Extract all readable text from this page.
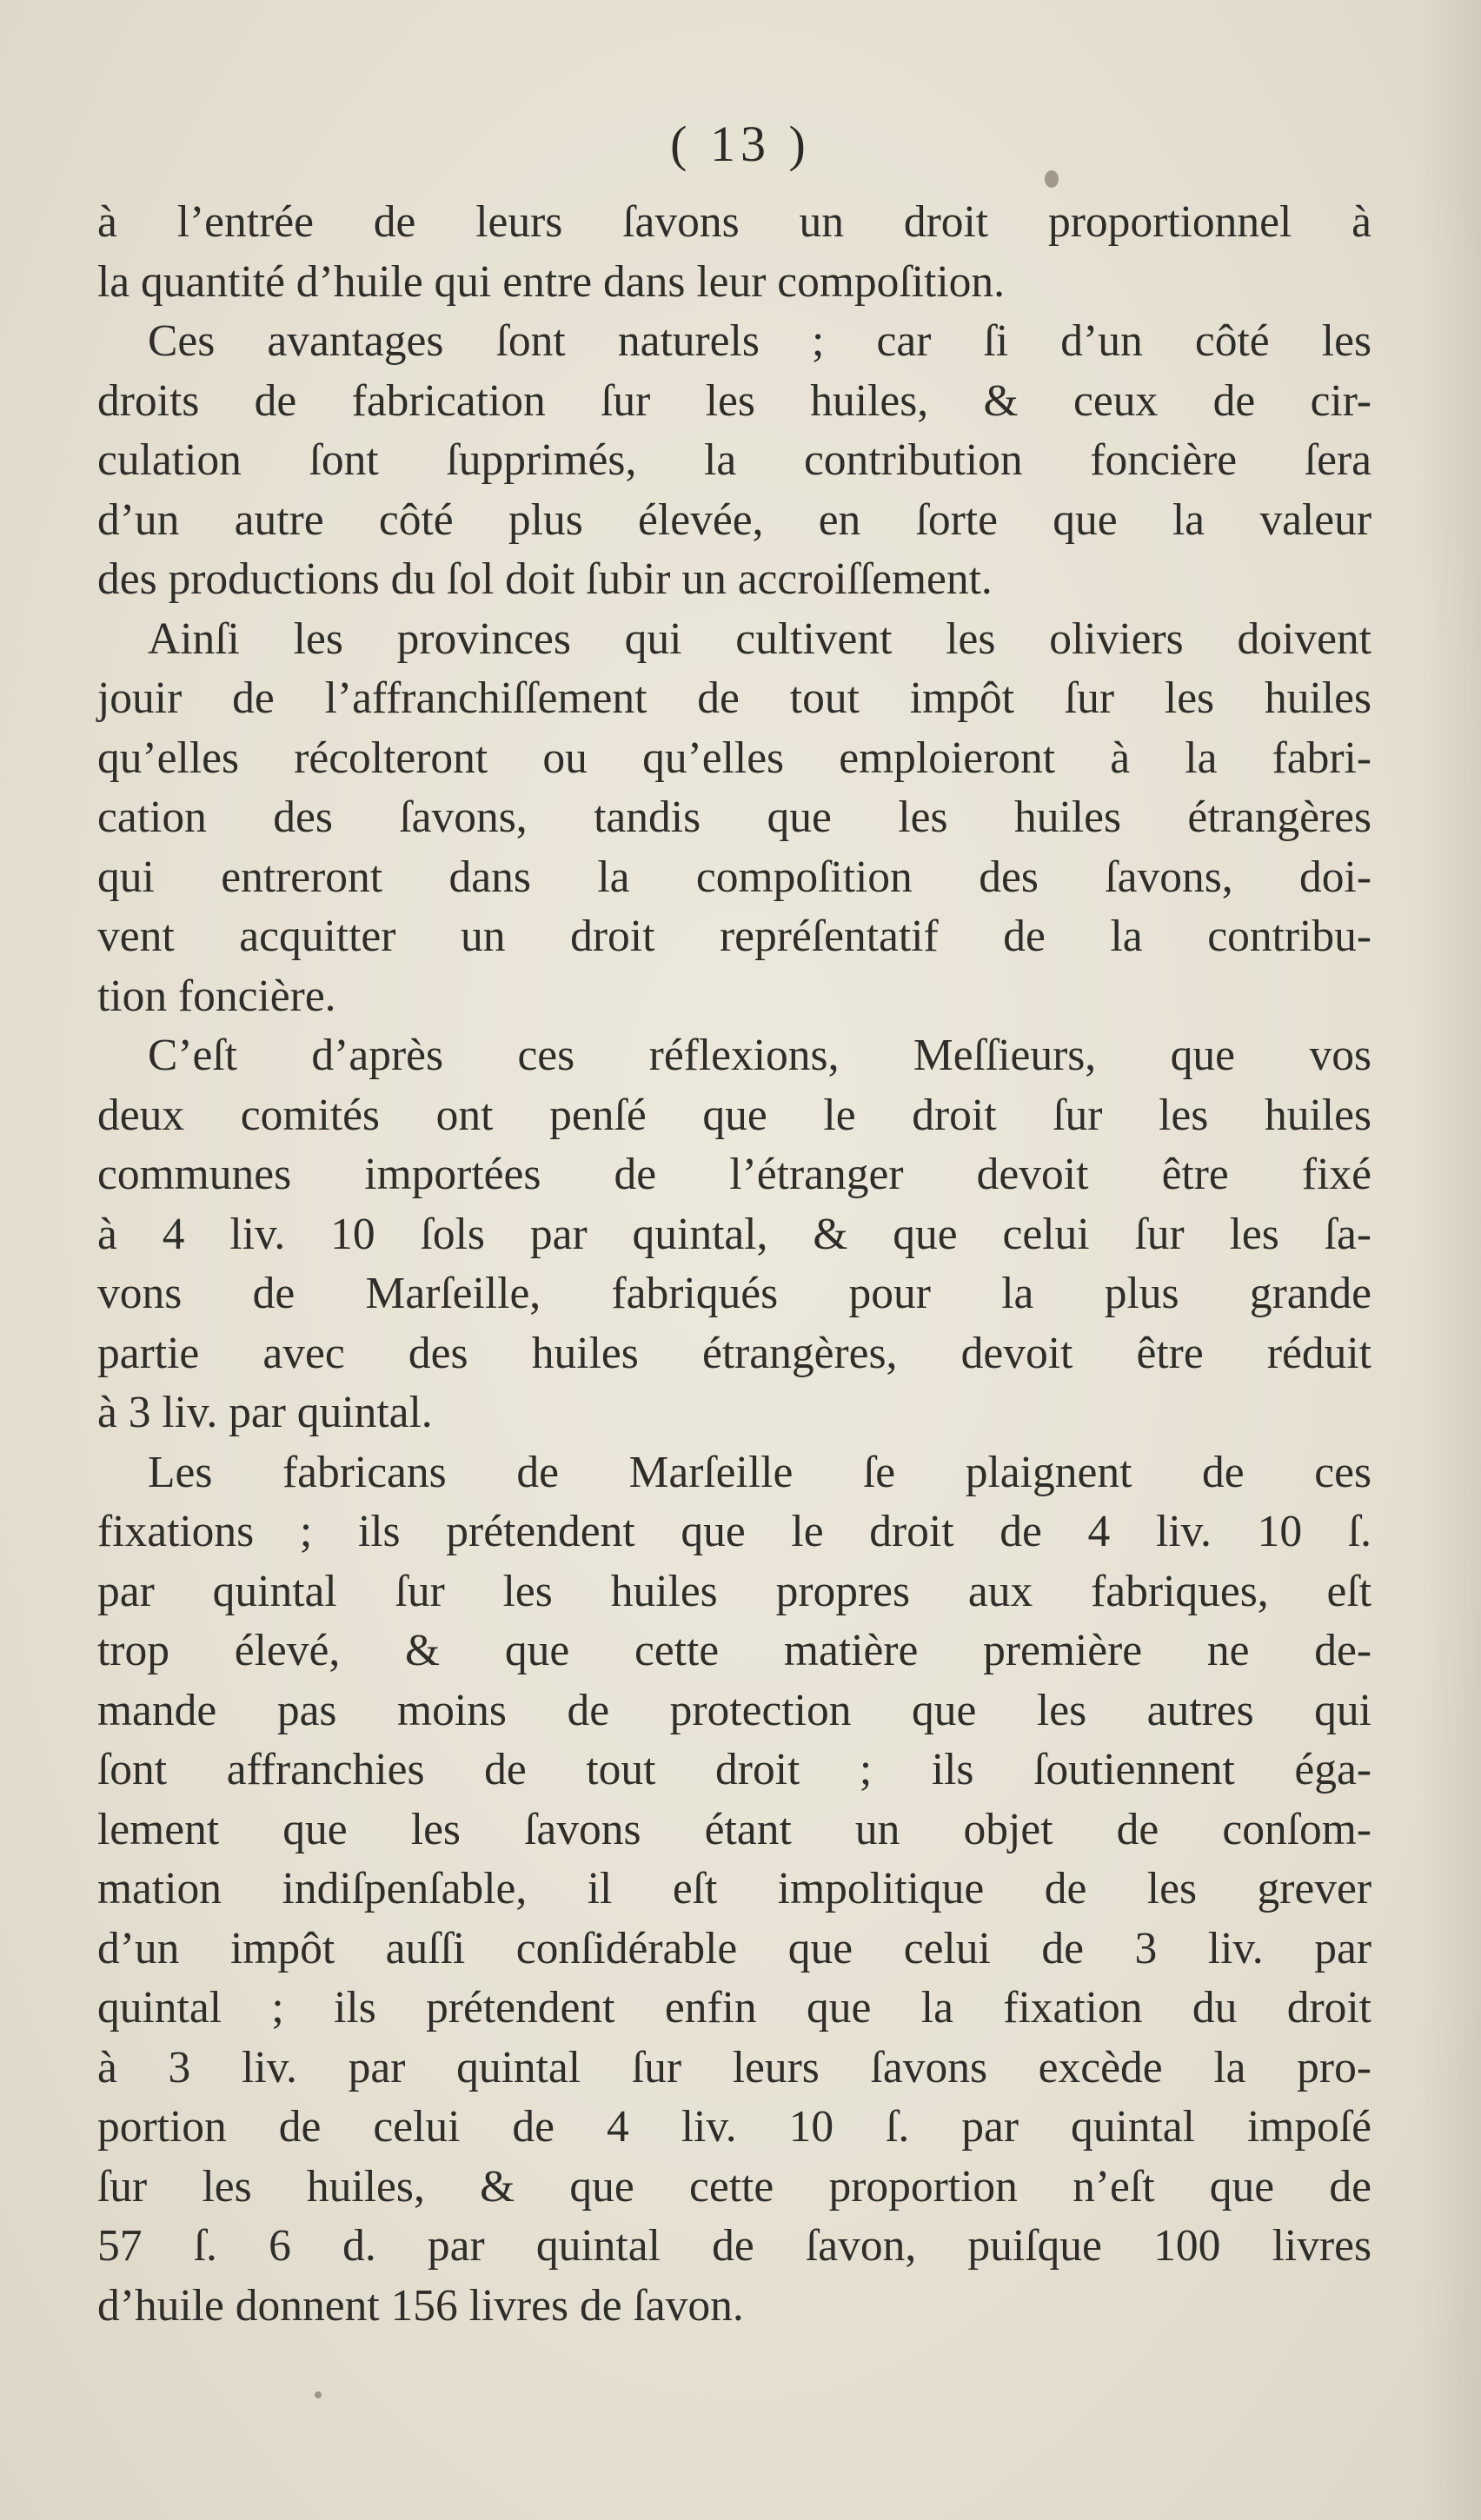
( 13 )
à l’entrée de leurs ſavons un droit proportionnel à
la quantité d’huile qui entre dans leur compoſition.
Ces avantages ſont naturels ; car ſi d’un côté les
droits de fabrication ſur les huiles, & ceux de cir-
culation ſont ſupprimés, la contribution foncière ſera
d’un autre côté plus élevée, en ſorte que la valeur
des productions du ſol doit ſubir un accroiſſement.
Ainſi les provinces qui cultivent les oliviers doivent
jouir de l’affranchiſſement de tout impôt ſur les huiles
qu’elles récolteront ou qu’elles emploieront à la fabri-
cation des ſavons, tandis que les huiles étrangères
qui entreront dans la compoſition des ſavons, doi-
vent acquitter un droit repréſentatif de la contribu-
tion foncière.
C’eſt d’après ces réflexions, Meſſieurs, que vos
deux comités ont penſé que le droit ſur les huiles
communes importées de l’étranger devoit être fixé
à 4 liv. 10 ſols par quintal, & que celui ſur les ſa-
vons de Marſeille, fabriqués pour la plus grande
partie avec des huiles étrangères, devoit être réduit
à 3 liv. par quintal.
Les fabricans de Marſeille ſe plaignent de ces
fixations ; ils prétendent que le droit de 4 liv. 10 ſ.
par quintal ſur les huiles propres aux fabriques, eſt
trop élevé, & que cette matière première ne de-
mande pas moins de protection que les autres qui
ſont affranchies de tout droit ; ils ſoutiennent éga-
lement que les ſavons étant un objet de conſom-
mation indiſpenſable, il eſt impolitique de les grever
d’un impôt auſſi conſidérable que celui de 3 liv. par
quintal ; ils prétendent enfin que la fixation du droit
à 3 liv. par quintal ſur leurs ſavons excède la pro-
portion de celui de 4 liv. 10 ſ. par quintal impoſé
ſur les huiles, & que cette proportion n’eſt que de
57 ſ. 6 d. par quintal de ſavon, puiſque 100 livres
d’huile donnent 156 livres de ſavon.
